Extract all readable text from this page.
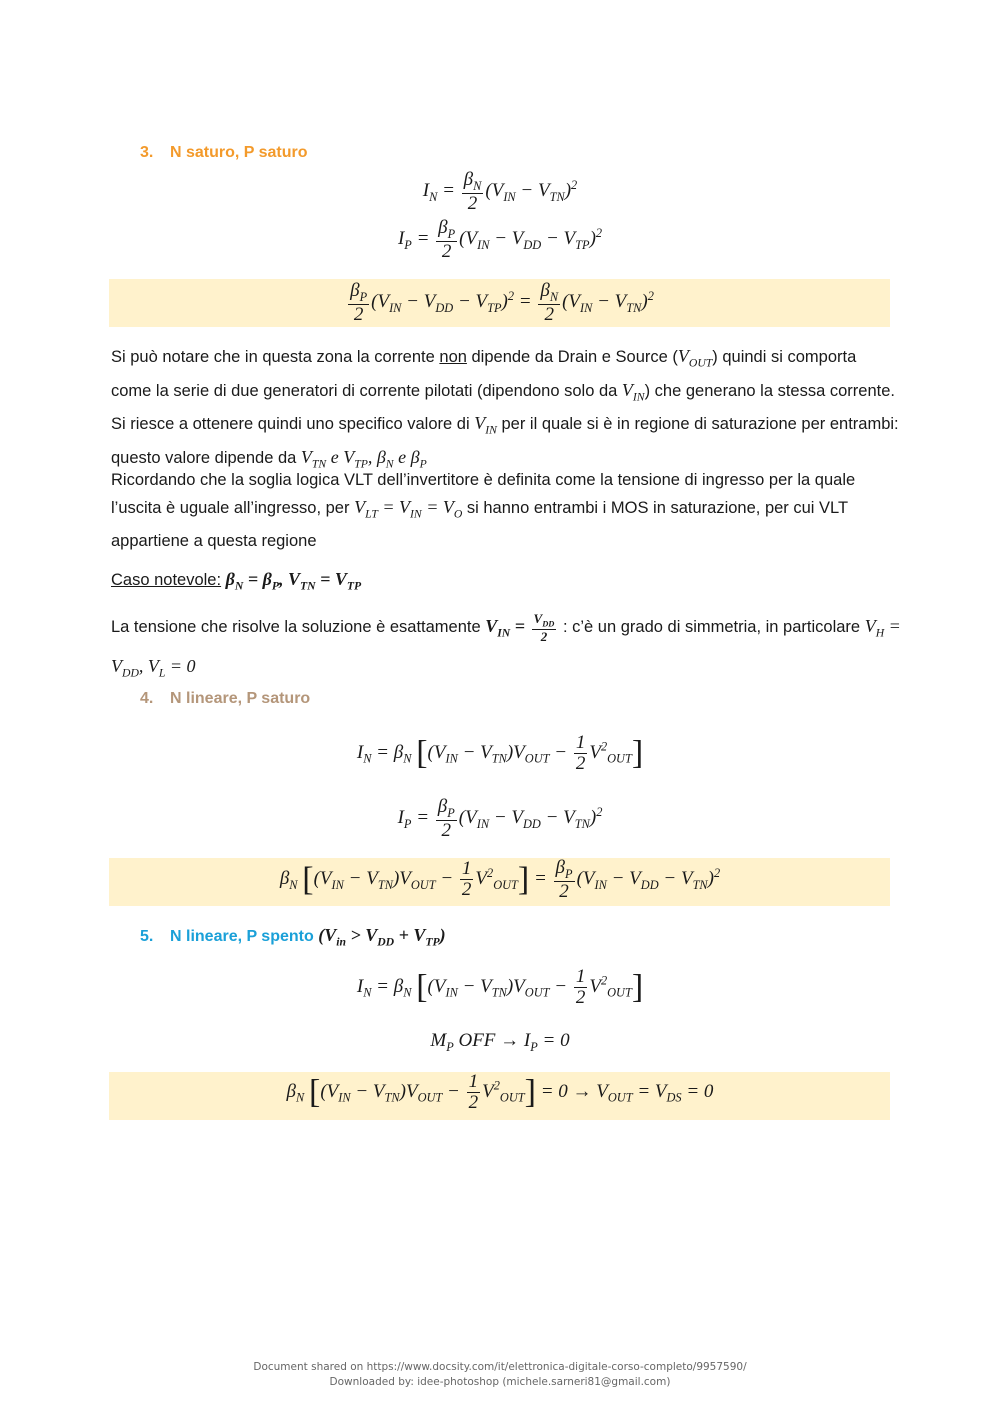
3. N saturo, P saturo
$I_N = \frac{\beta_N}{2} (V_{IN} - V_{TN})^2$
$I_P = \frac{\beta_P}{2} (V_{IN} - V_{DD} - V_{TP})^2$
$\frac{\beta_P}{2} (V_{IN} - V_{DD} - V_{TP})^2 = \frac{\beta_N}{2} (V_{IN} - V_{TN})^2$
Si può notare che in questa zona la corrente non dipende da Drain e Source $(V_{OUT})$ quindi si comporta come la serie di due generatori di corrente pilotati (dipendono solo da $V_{IN}$) che generano la stessa corrente. Si riesce a ottenere quindi uno specifico valore di $V_{IN}$ per il quale si è in regione di saturazione per entrambi: questo valore dipende da $V_{TN}$ e $V_{TP}$, $\beta_N$ e $\beta_P$
Ricordando che la soglia logica VLT dell’invertitore è definita come la tensione di ingresso per la quale l’uscita è uguale all’ingresso, per $V_{LT} = V_{IN} = V_O$ si hanno entrambi i MOS in saturazione, per cui VLT appartiene a questa regione
Caso notevole: $\beta_N = \beta_P$, $V_{TN} = V_{TP}$
La tensione che risolve la soluzione è esattamente $V_{IN} = \frac{V_{DD}}{2}$ : c’è un grado di simmetria, in particolare $V_H = V_{DD}$, $V_L = 0$
4. N lineare, P saturo
$I_N = \beta_N$ $[(V_{IN} - V_{TN})V_{OUT} - \frac{1}{2} V^2_{OUT}]$
$I_P = \frac{\beta_P}{2} (V_{IN} - V_{DD} - V_{TN})^2$
$\beta_N$ $[(V_{IN} - V_{TN})V_{OUT} - \frac{1}{2} V^2_{OUT}] = \frac{\beta_P}{2} (V_{IN} - V_{DD} - V_{TN})^2$
5. N lineare, P spento $(V_{in} > V_{DD} + V_{TP})$
$I_N = \beta_N$ $[(V_{IN} - V_{TN})V_{OUT} - \frac{1}{2} V^2_{OUT}]$
$M_P$ OFF → $I_P = 0$
$\beta_N$ $[(V_{IN} - V_{TN})V_{OUT} - \frac{1}{2} V^2_{OUT}] = 0 \to V_{OUT} = V_{DS} = 0$
Document shared on https://www.docsity.com/it/elettronica-digitale-corso-completo/9957590/
Downloaded by: idee-photoshop (michele.sarneri81@gmail.com)
